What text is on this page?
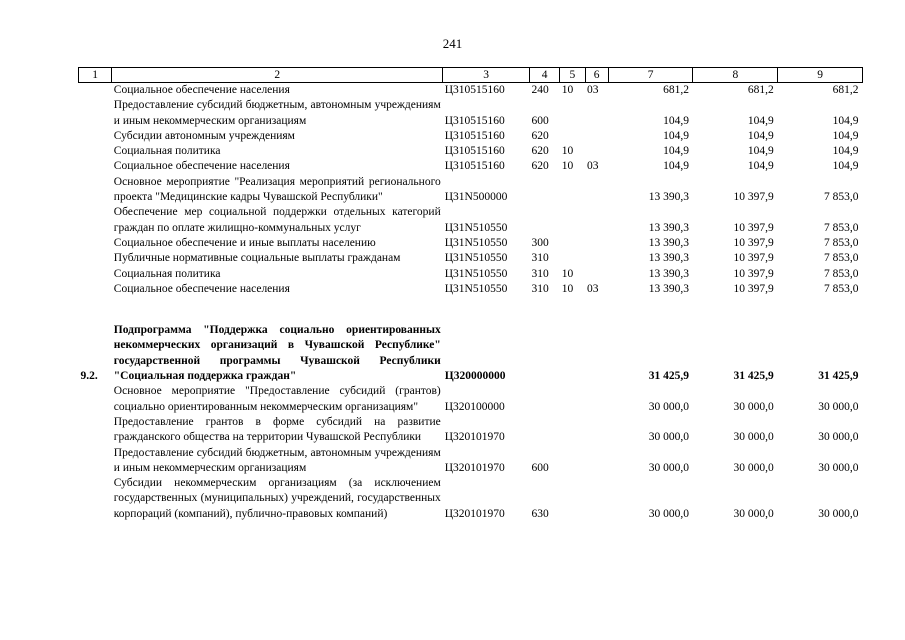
241
1	2	3	4	5	6	7	8	9
	Социальное обеспечение населения	Ц310515160	240	10	03	681,2	681,2	681,2
	Предоставление субсидий бюджетным, автономным учреждениям и иным некоммерческим организациям	Ц310515160	600			104,9	104,9	104,9
	Субсидии автономным учреждениям	Ц310515160	620			104,9	104,9	104,9
	Социальная политика	Ц310515160	620	10		104,9	104,9	104,9
	Социальное обеспечение населения	Ц310515160	620	10	03	104,9	104,9	104,9
	Основное мероприятие "Реализация мероприятий регионального проекта "Медицинские кадры Чувашской Республики"	Ц31N500000				13 390,3	10 397,9	7 853,0
	Обеспечение мер социальной поддержки отдельных категорий граждан по оплате жилищно-коммунальных услуг	Ц31N510550				13 390,3	10 397,9	7 853,0
	Социальное обеспечение и иные выплаты населению	Ц31N510550	300			13 390,3	10 397,9	7 853,0
	Публичные нормативные социальные выплаты гражданам	Ц31N510550	310			13 390,3	10 397,9	7 853,0
	Социальная политика	Ц31N510550	310	10		13 390,3	10 397,9	7 853,0
	Социальное обеспечение населения	Ц31N510550	310	10	03	13 390,3	10 397,9	7 853,0

9.2.	Подпрограмма "Поддержка социально ориентированных некоммерческих организаций в Чувашской Республике" государственной программы Чувашской Республики "Социальная поддержка граждан"	Ц320000000				31 425,9	31 425,9	31 425,9
	Основное мероприятие "Предоставление субсидий (грантов) социально ориентированным некоммерческим организациям"	Ц320100000				30 000,0	30 000,0	30 000,0
	Предоставление грантов в форме субсидий на развитие гражданского общества на территории Чувашской Республики	Ц320101970				30 000,0	30 000,0	30 000,0
	Предоставление субсидий бюджетным, автономным учреждениям и иным некоммерческим организациям	Ц320101970	600			30 000,0	30 000,0	30 000,0
	Субсидии некоммерческим организациям (за исключением государственных (муниципальных) учреждений, государственных корпораций (компаний), публично-правовых компаний)	Ц320101970	630			30 000,0	30 000,0	30 000,0
